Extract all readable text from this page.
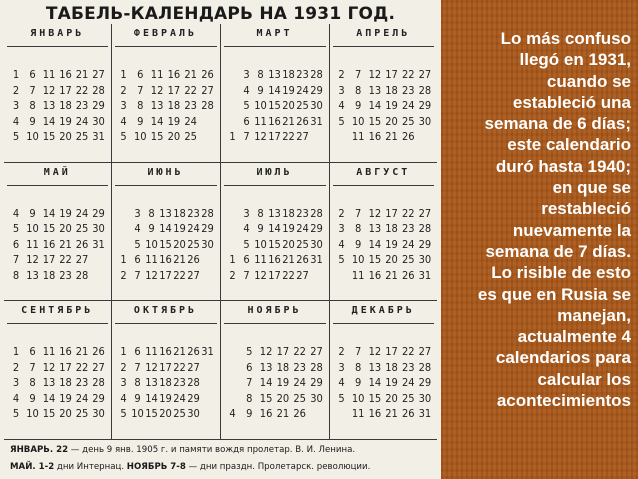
ТАБЕЛЬ-КАЛЕНДАРЬ НА 1931 ГОД.
ЯНВАРЬ
1
2
3
4
5
6
7
8
9
10
11
12
13
14
15
16
17
18
19
20
21
22
23
24
25
27
28
29
30
31
ФЕВРАЛЬ
1
2
3
4
5
6
7
8
9
10
11
12
13
14
15
16
17
18
19
20
21
22
23
24
25
26
27
28
МАРТ
1
3
4
5
6
7
8
9
10
11
12
13
14
15
16
17
18
19
20
21
22
23
24
25
26
27
28
29
30
31
АПРЕЛЬ
2
3
4
5
7
8
9
10
11
12
13
14
15
16
17
18
19
20
21
22
23
24
25
26
27
28
29
30
МАЙ
4
5
6
7
8
9
10
11
12
13
14
15
16
17
18
19
20
21
22
23
24
25
26
27
28
29
30
31
ИЮНЬ
1
2
3
4
5
6
7
8
9
10
11
12
13
14
15
16
17
18
19
20
21
22
23
24
25
26
27
28
29
30
ИЮЛЬ
1
2
3
4
5
6
7
8
9
10
11
12
13
14
15
16
17
18
19
20
21
22
23
24
25
26
27
28
29
30
31
АВГУСТ
2
3
4
5
7
8
9
10
11
12
13
14
15
16
17
18
19
20
21
22
23
24
25
26
27
28
29
30
31
СЕНТЯБРЬ
1
2
3
4
5
6
7
8
9
10
11
12
13
14
15
16
17
18
19
20
21
22
23
24
25
26
27
28
29
30
ОКТЯБРЬ
1
2
3
4
5
6
7
8
9
10
11
12
13
14
15
16
17
18
19
20
21
22
23
24
25
26
27
28
29
30
31
НОЯБРЬ
4
5
6
7
8
9
12
13
14
15
16
17
18
19
20
21
22
23
24
25
26
27
28
29
30
ДЕКАБРЬ
2
3
4
5
7
8
9
10
11
12
13
14
15
16
17
18
19
20
21
22
23
24
25
26
27
28
29
30
31
ЯНВАРЬ. 22 — день 9 янв. 1905 г. и памяти вождя пролетар. В. И. Ленина.
МАЙ. 1-2 дни Интернац. НОЯБРЬ 7-8 — дни праздн. Пролетарск. революции.
Lo más confuso
llegó en 1931,
cuando se
estableció una
semana de 6 días;
este calendario
duró hasta 1940;
en que se
restableció
nuevamente la
semana de 7 días.
Lo risible de esto
es que en Rusia se
manejan,
actualmente 4
calendarios para
calcular los
acontecimientos
